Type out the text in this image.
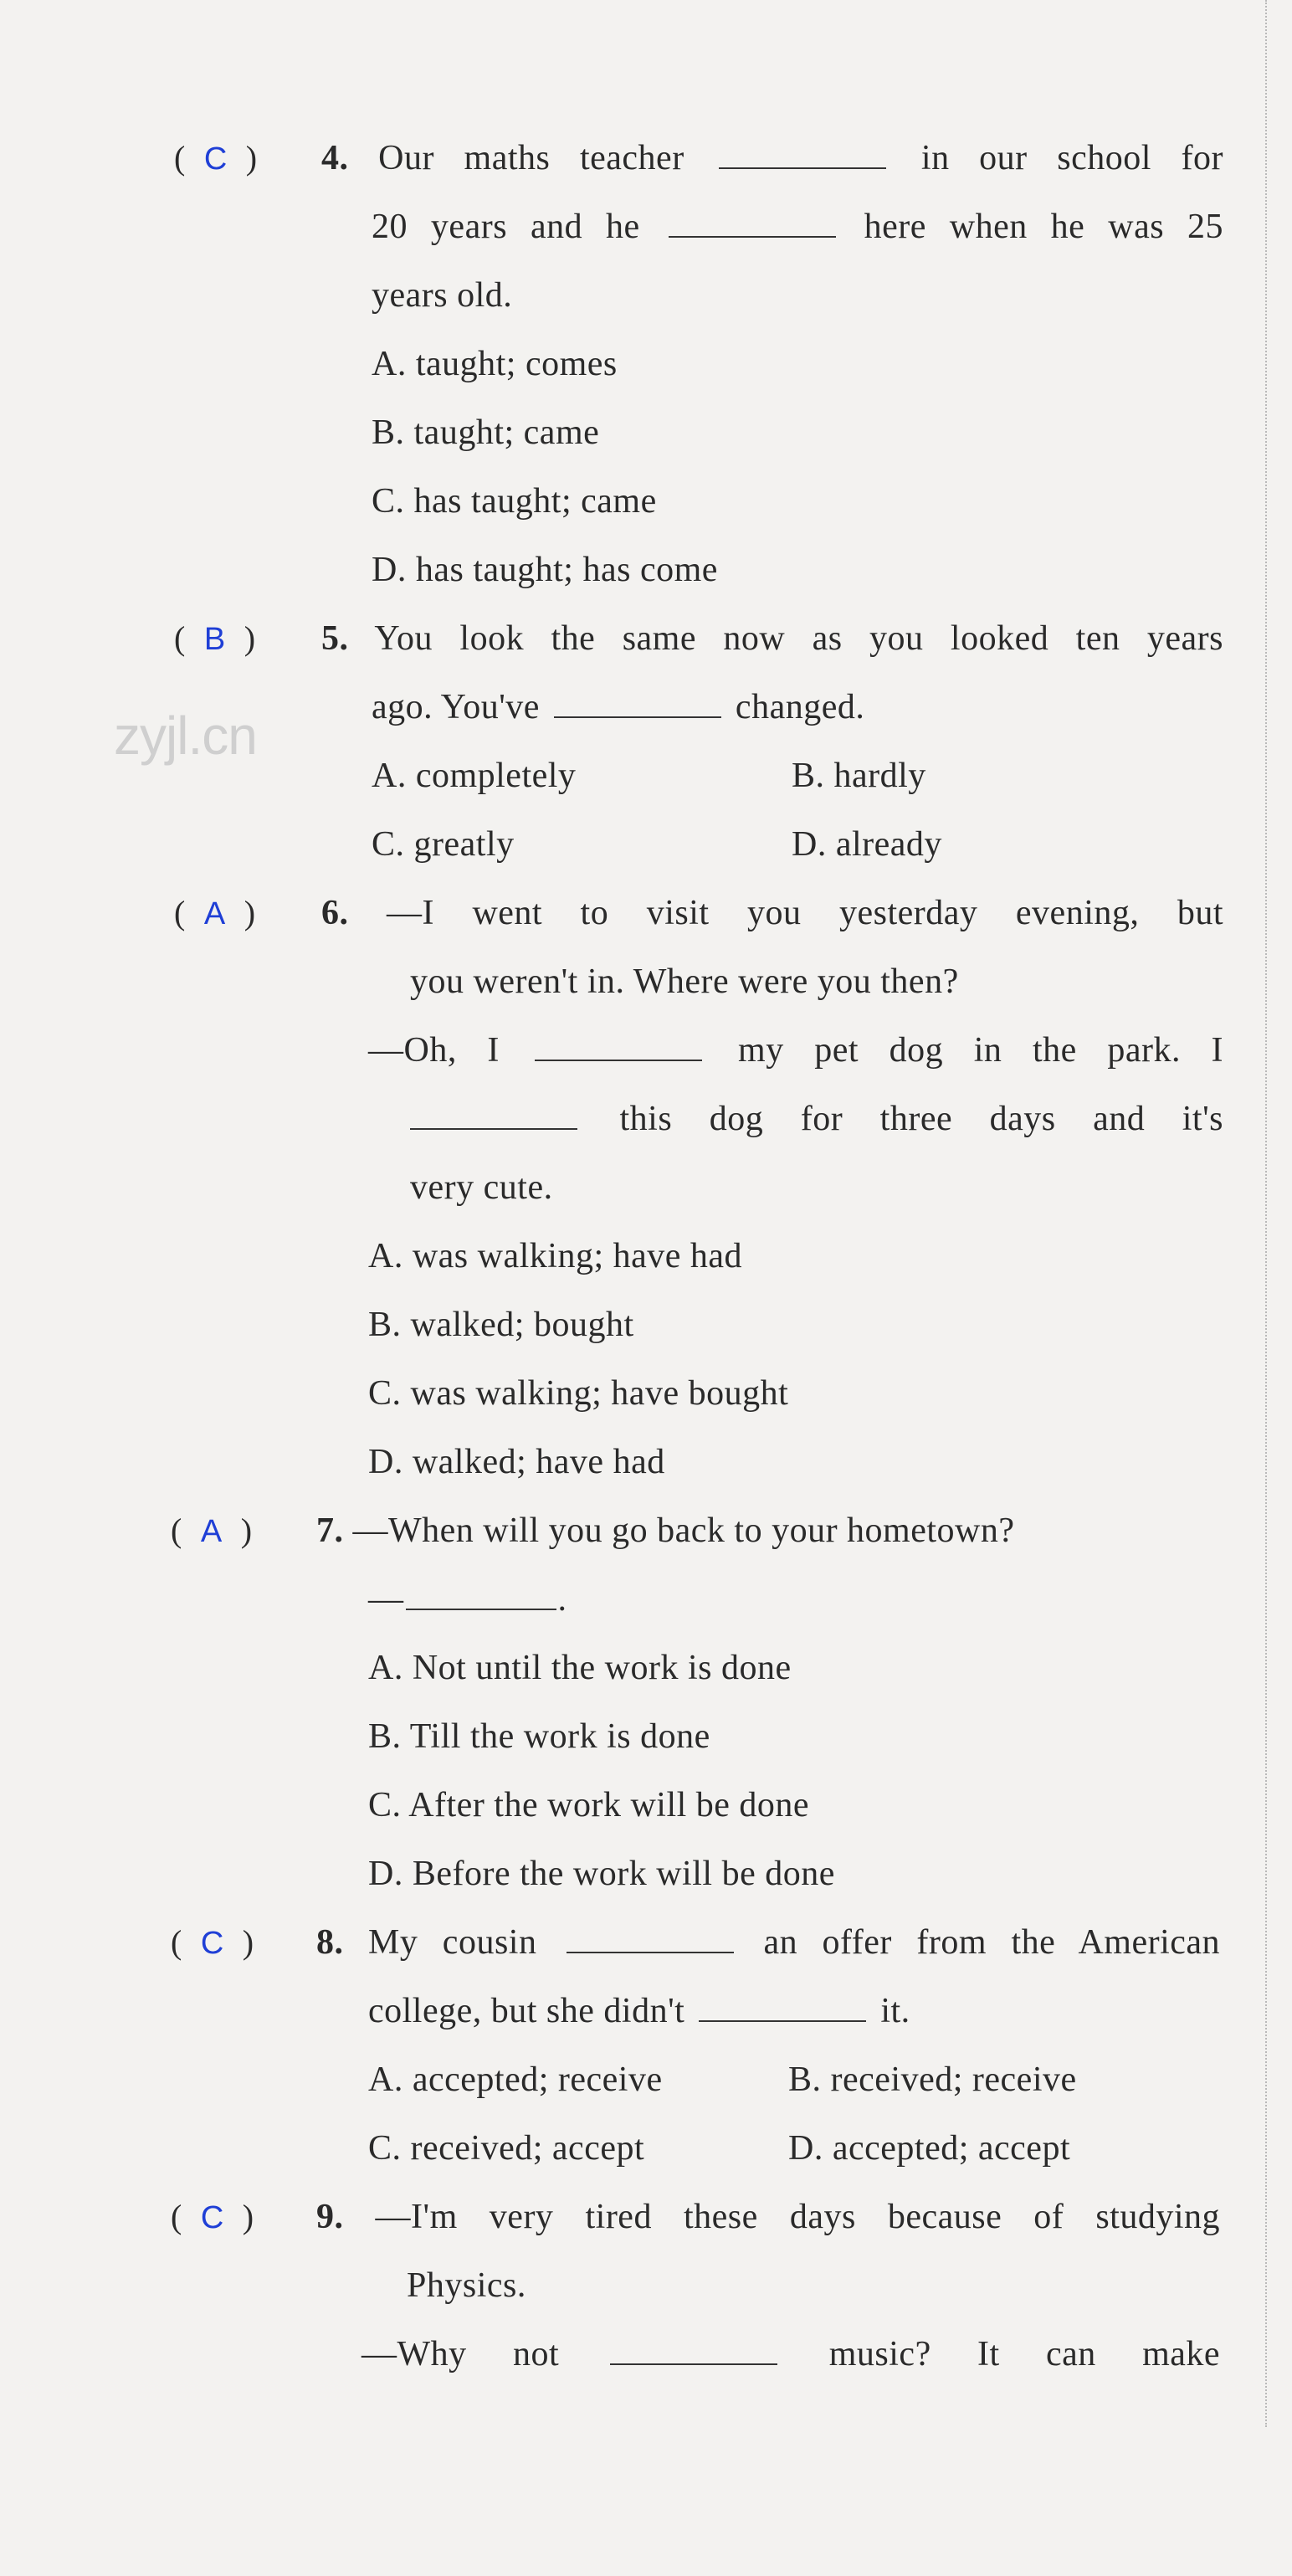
zyjl.cn
( C ) 4. Our maths teacher	in our school for
20 years and he	here when he was 25
years old.
A. taught; comes
B. taught; came
C. has taught; came
D. has taught; has come
( B ) 5. You look the same now as you looked ten years
ago. You've	changed.
A. completely	B. hardly
C. greatly	D. already
( A ) 6. —I went to visit you yesterday evening, but
you weren't in. Where were you then?
—Oh, I	my pet dog in the park. I
this dog for three days and it's
very cute.
A. was walking; have had
B. walked; bought
C. was walking; have bought
D. walked; have had
( A ) 7. —When will you go back to your hometown?
—	.
A. Not until the work is done
B. Till the work is done
C. After the work will be done
D. Before the work will be done
( C ) 8. My cousin	an offer from the American
college, but she didn't	it.
A. accepted; receive	B. received; receive
C. received; accept	D. accepted; accept
( C ) 9. —I'm very tired these days because of studying
Physics.
—Why not	music? It can make
